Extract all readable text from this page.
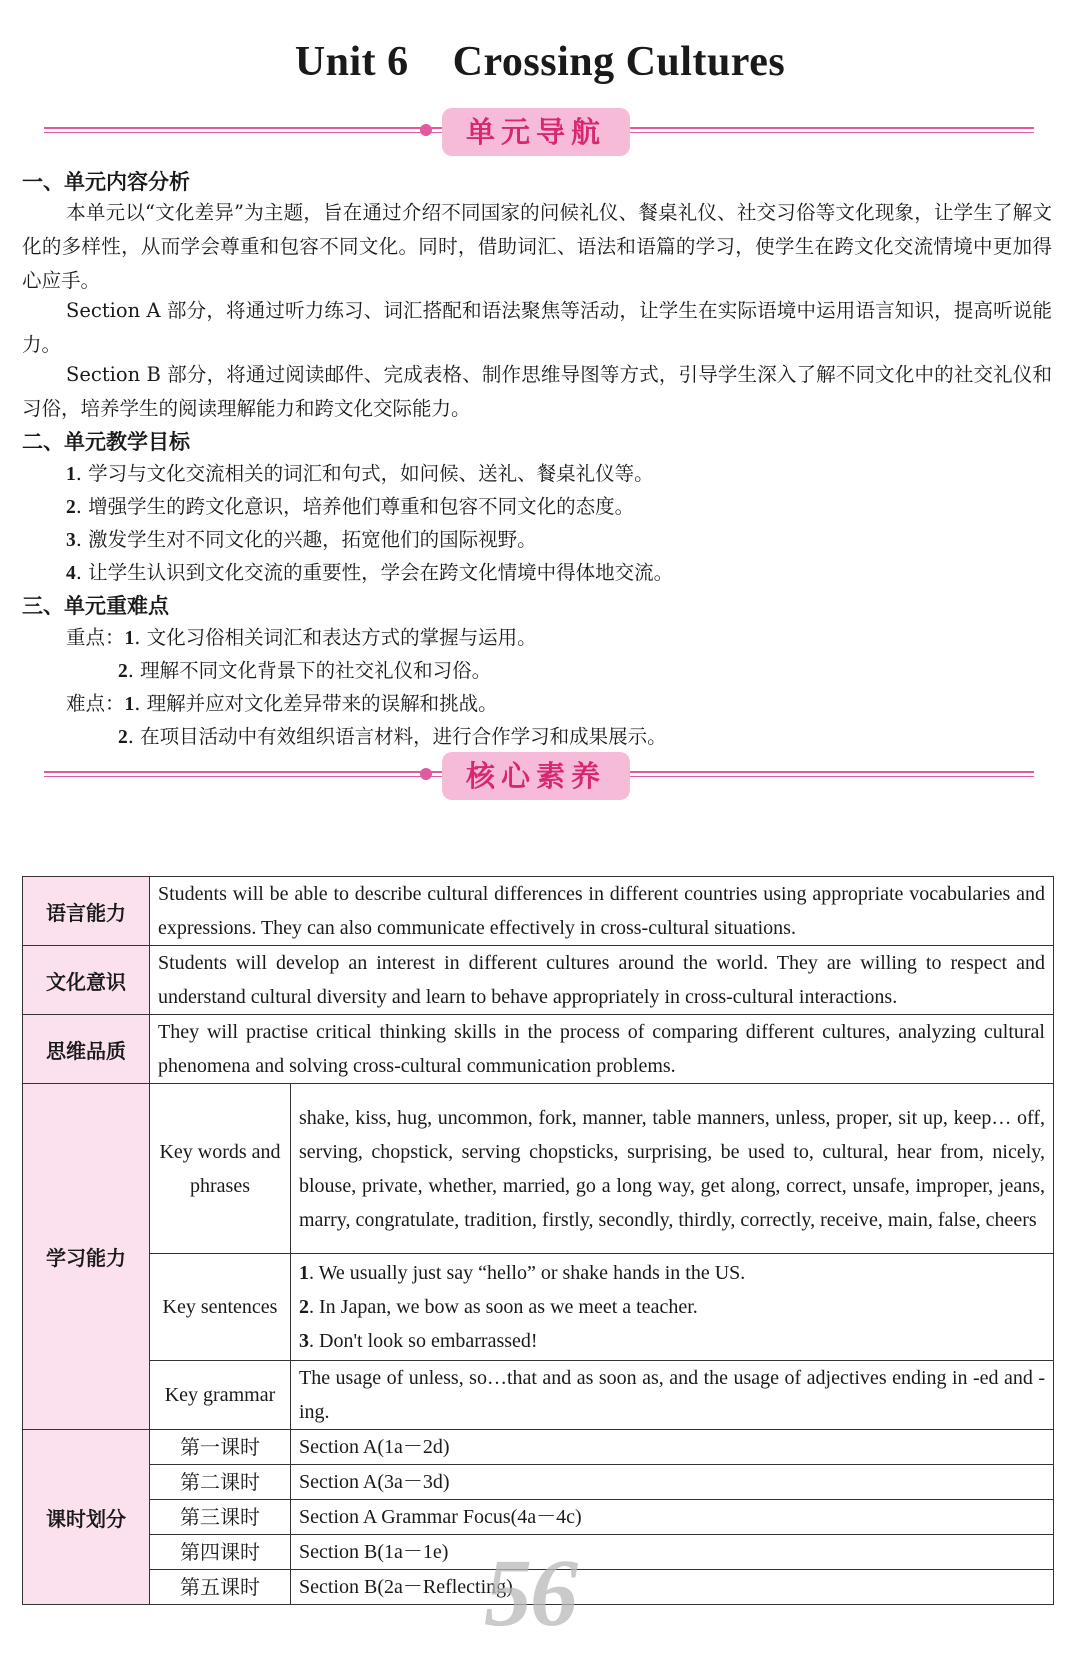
Unit 6 Crossing Cultures
单元导航
一、单元内容分析
本单元以“文化差异”为主题，旨在通过介绍不同国家的问候礼仪、餐桌礼仪、社交习俗等文化现象，让学生了解文化的多样性，从而学会尊重和包容不同文化。同时，借助词汇、语法和语篇的学习，使学生在跨文化交流情境中更加得心应手。
Section A 部分，将通过听力练习、词汇搭配和语法聚焦等活动，让学生在实际语境中运用语言知识，提高听说能力。
Section B 部分，将通过阅读邮件、完成表格、制作思维导图等方式，引导学生深入了解不同文化中的社交礼仪和习俗，培养学生的阅读理解能力和跨文化交际能力。
二、单元教学目标
1. 学习与文化交流相关的词汇和句式，如问候、送礼、餐桌礼仪等。
2. 增强学生的跨文化意识，培养他们尊重和包容不同文化的态度。
3. 激发学生对不同文化的兴趣，拓宽他们的国际视野。
4. 让学生认识到文化交流的重要性，学会在跨文化情境中得体地交流。
三、单元重难点
重点：1. 文化习俗相关词汇和表达方式的掌握与运用。
2. 理解不同文化背景下的社交礼仪和习俗。
难点：1. 理解并应对文化差异带来的误解和挑战。
2. 在项目活动中有效组织语言材料，进行合作学习和成果展示。
核心素养
语言能力	Students will be able to describe cultural differences in different countries using appropriate vocabularies and expressions. They can also communicate effectively in cross-cultural situations.	
文化意识	Students will develop an interest in different cultures around the world. They are willing to respect and understand cultural diversity and learn to behave appropriately in cross-cultural interactions.	
思维品质	They will practise critical thinking skills in the process of comparing different cultures, analyzing cultural phenomena and solving cross-cultural communication problems.	
学习能力	Key words and phrases	shake, kiss, hug, uncommon, fork, manner, table manners, unless, proper, sit up, keep… off, serving, chopstick, serving chopsticks, surprising, be used to, cultural, hear from, nicely, blouse, private, whether, married, go a long way, get along, correct, unsafe, improper, jeans, marry, congratulate, tradition, firstly, secondly, thirdly, correctly, receive, main, false, cheers
	Key sentences	1. We usually just say “hello” or shake hands in the US.
2. In Japan, we bow as soon as we meet a teacher.
3. Don't look so embarrassed!

	Key grammar	The usage of unless, so…that and as soon as, and the usage of adjectives ending in -ed and -ing.
课时划分	第一课时	Section A(1a－2d)
	第二课时	Section A(3a－3d)
	第三课时	Section A Grammar Focus(4a－4c)
	第四课时	Section B(1a－1e)
	第五课时	Section B(2a－Reflecting)
56
